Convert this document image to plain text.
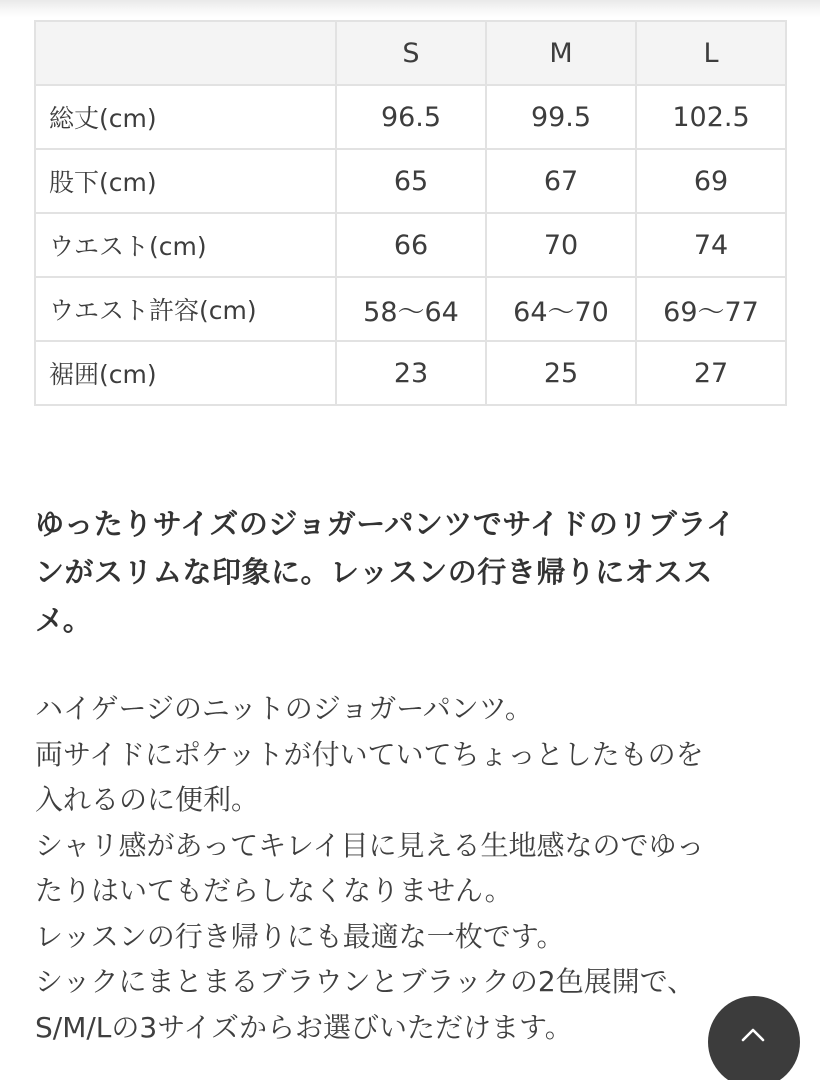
	S	M	L
総丈(cm)	96.5	99.5	102.5
股下(cm)	65	67	69
ウエスト(cm)	66	70	74
ウエスト許容(cm)	58〜64	64〜70	69〜77
裾囲(cm)	23	25	27

ゆったりサイズのジョガーパンツでサイドのリブライ
ンがスリムな印象に。レッスンの行き帰りにオスス
メ。

ハイゲージのニットのジョガーパンツ。
両サイドにポケットが付いていてちょっとしたものを
入れるのに便利。
シャリ感があってキレイ目に見える生地感なのでゆっ
たりはいてもだらしなくなりません。
レッスンの行き帰りにも最適な一枚です。
シックにまとまるブラウンとブラックの2色展開で、
S/M/Lの3サイズからお選びいただけます。
